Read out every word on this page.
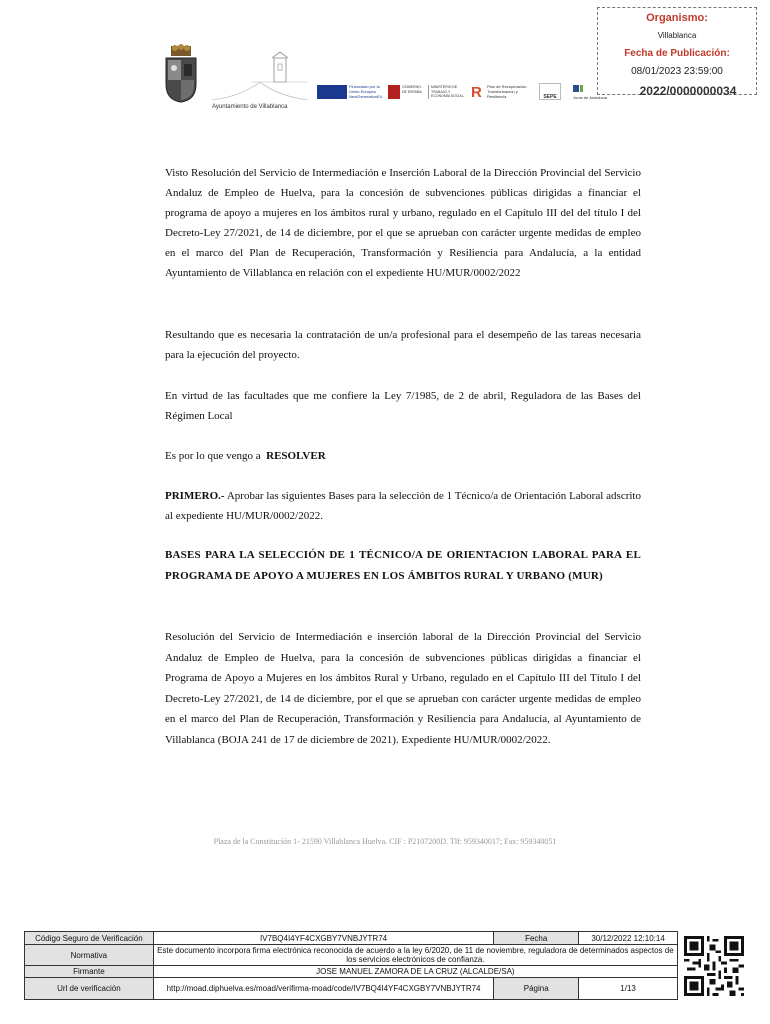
Organismo:
Villablanca
Fecha de Publicación:
08/01/2023 23:59:00
2022/0000000034
Ayuntamiento de Villablanca
Financiado por la Unión Europea NextGenerationEU
GOBIERNO DE ESPAÑA
MINISTERIO DE TRABAJO Y ECONOMÍA SOCIAL R	Plan de Recuperación, Transformación y Resiliencia	SEPE	Junta de Andalucía

Visto Resolución del Servicio de Intermediación e Inserción Laboral de la Dirección Provincial del Servicio Andaluz de Empleo de Huelva, para la concesión de subvenciones públicas dirigidas a financiar el programa de apoyo a mujeres en los ámbitos rural y urbano, regulado en el Capítulo III del del título I del Decreto-Ley 27/2021, de 14 de diciembre, por el que se aprueban con carácter urgente medidas de empleo en el marco del Plan de Recuperación, Transformación y Resiliencia para Andalucía, a la entidad Ayuntamiento de Villablanca en relación con el expediente HU/MUR/0002/2022

Resultando que es necesaria la contratación de un/a profesional para el desempeño de las tareas necesaria para la ejecución del proyecto.

En virtud de las facultades que me confiere la Ley 7/1985, de 2 de abril, Reguladora de las Bases del Régimen Local

Es por lo que vengo a RESOLVER

PRIMERO.- Aprobar las siguientes Bases para la selección de 1 Técnico/a de Orientación Laboral adscrito al expediente HU/MUR/0002/2022.

BASES PARA LA SELECCIÓN DE 1 TÉCNICO/A DE ORIENTACION LABORAL PARA EL PROGRAMA DE APOYO A MUJERES EN LOS ÁMBITOS RURAL Y URBANO (MUR)

Resolución del Servicio de Intermediación e inserción laboral de la Dirección Provincial del Servicio Andaluz de Empleo de Huelva, para la concesión de subvenciones públicas dirigidas a financiar el Programa de Apoyo a Mujeres en los ámbitos Rural y Urbano, regulado en el Capítulo III del Título I del Decreto-Ley 27/2021, de 14 de diciembre, por el que se aprueban con carácter urgente medidas de empleo en el marco del Plan de Recuperación, Transformación y Resiliencia para Andalucía, al Ayuntamiento de Villablanca (BOJA 241 de 17 de diciembre de 2021). Expediente HU/MUR/0002/2022.

Plaza de la Constitución 1- 21590 Villablanca Huelva. CIF : P2107200D. Tlf: 959340017; Fax: 959340051
Código Seguro de Verificación	IV7BQ4I4YF4CXGBY7VNBJYTR74	Fecha	30/12/2022 12:10:14
Normativa	Este documento incorpora firma electrónica reconocida de acuerdo a la ley 6/2020, de 11 de noviembre, reguladora de determinados aspectos de los servicios electrónicos de confianza.		
Firmante	JOSE MANUEL ZAMORA DE LA CRUZ (ALCALDE/SA)		
Url de verificación	http://moad.diphuelva.es/moad/verifirma-moad/code/IV7BQ4I4YF4CXGBY7VNBJYTR74	Página	1/13
